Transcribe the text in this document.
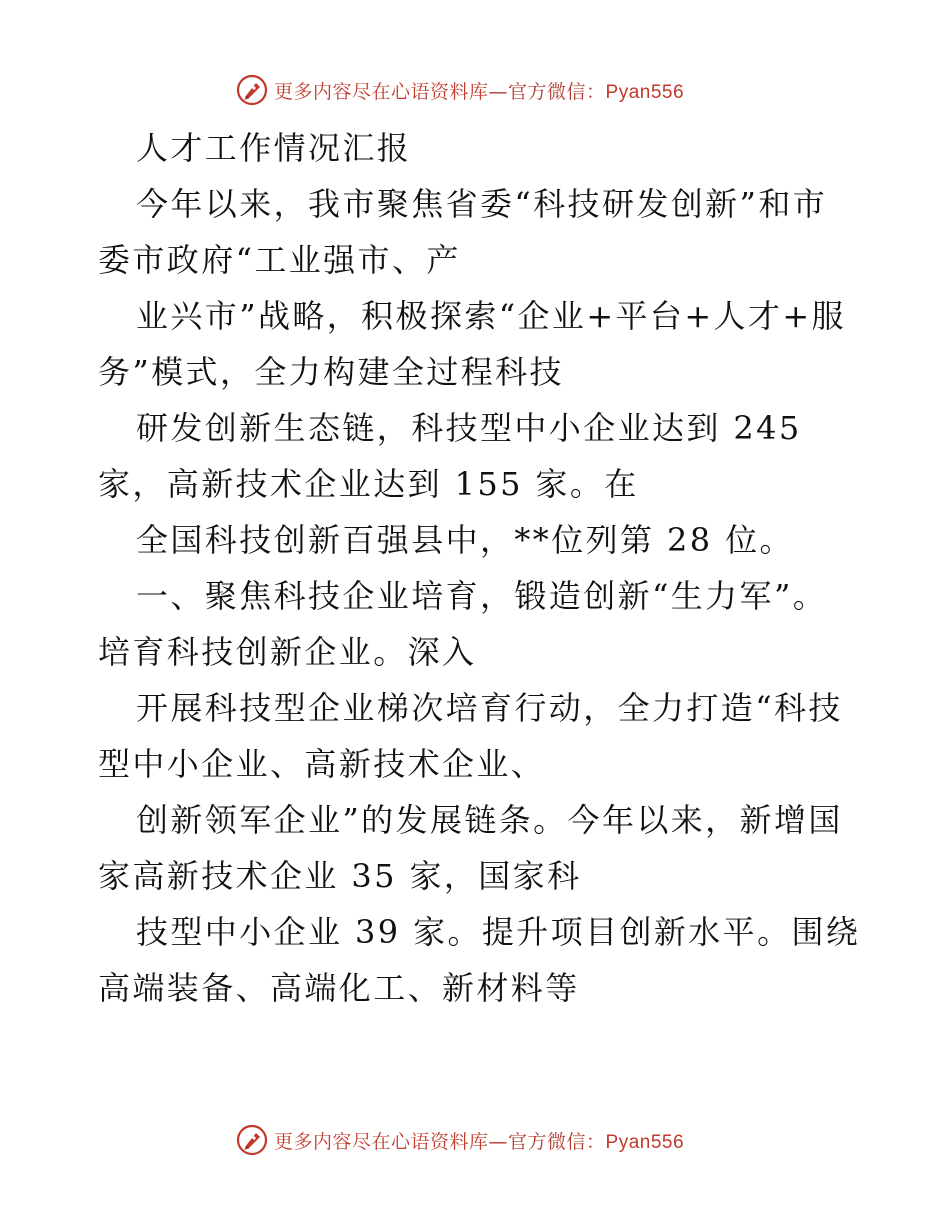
更多内容尽在心语资料库—官方微信：Pyan556
人才工作情况汇报
今年以来，我市聚焦省委“科技研发创新”和市
委市政府“工业强市、产
业兴市”战略，积极探索“企业+平台+人才+服
务”模式，全力构建全过程科技
研发创新生态链，科技型中小企业达到 245
家，高新技术企业达到 155 家。在
全国科技创新百强县中，**位列第 28 位。
一、聚焦科技企业培育，锻造创新“生力军”。
培育科技创新企业。深入
开展科技型企业梯次培育行动，全力打造“科技
型中小企业、高新技术企业、
创新领军企业”的发展链条。今年以来，新增国
家高新技术企业 35 家，国家科
技型中小企业 39 家。提升项目创新水平。围绕
高端装备、高端化工、新材料等
更多内容尽在心语资料库—官方微信：Pyan556
